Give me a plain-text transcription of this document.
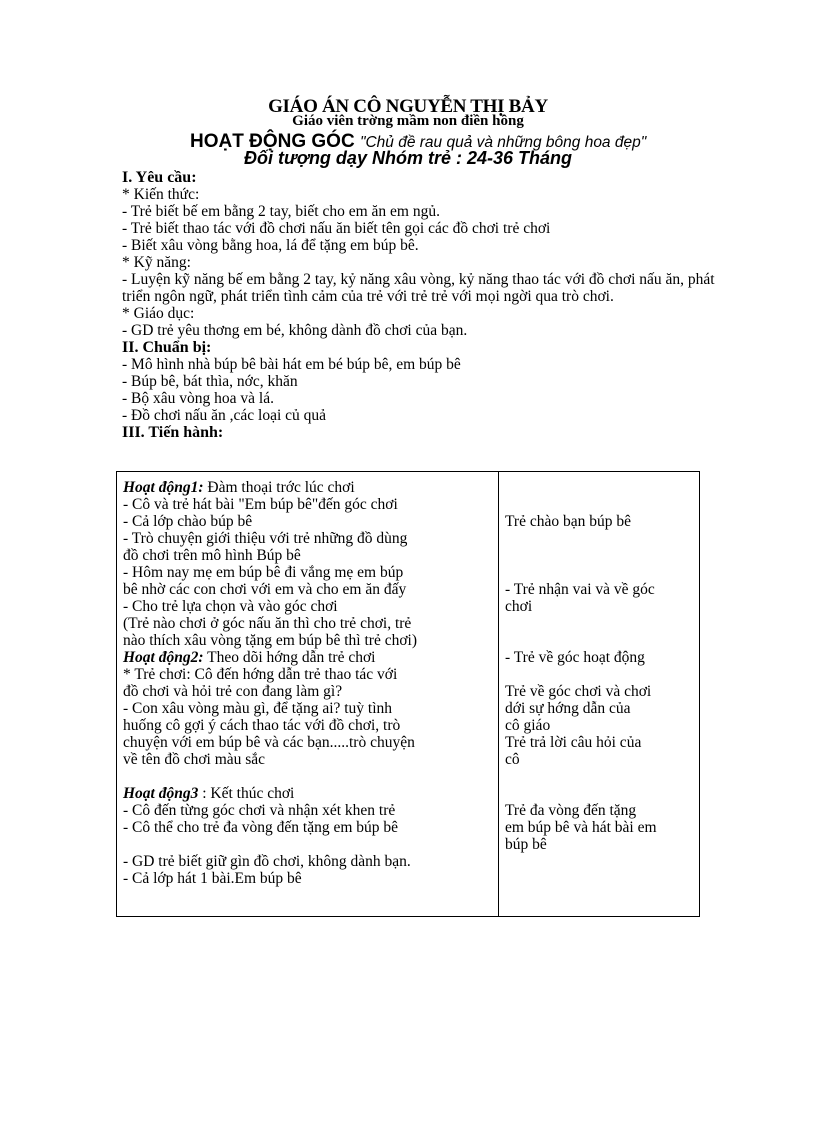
GIÁO ÁN CÔ NGUYỄN THỊ BẢY
Giáo viên trờng mầm non điền hồng
HOẠT ĐỘNG GÓC "Chủ đề rau quả và những bông hoa đẹp"
Đối tượng dạy Nhóm trẻ : 24-36 Tháng
I. Yêu cầu:
* Kiến thức:
- Trẻ biết bế em bằng 2 tay, biết cho em ăn em ngủ.
- Trẻ biết thao tác với đồ chơi nấu ăn biết tên gọi các đồ chơi trẻ chơi
- Biết xâu vòng bằng hoa, lá để tặng em búp bê.
* Kỹ năng:
- Luyện kỹ năng bế em bằng 2 tay, kỷ năng xâu vòng, kỷ năng thao tác với đồ chơi nấu ăn, phát triển ngôn ngữ, phát triển tình cảm của trẻ với trẻ trẻ với mọi ngời qua trò chơi.
* Giáo dục:
- GD trẻ yêu thơng em bé, không dành đồ chơi của bạn.
II. Chuẩn bị:
- Mô hình nhà búp bê bài hát em bé búp bê, em búp bê
- Búp bê, bát thìa, nớc, khăn
- Bộ xâu vòng hoa và lá.
- Đồ chơi nấu ăn ,các loại củ quả
III. Tiến hành:
Hoạt động1: Đàm thoại trớc lúc chơi
- Cô và trẻ hát bài "Em búp bê"đến góc chơi
- Cả lớp chào búp bê
- Trò chuyện giới thiệu với trẻ những đồ dùng
đồ chơi trên mô hình Búp bê
- Hôm nay mẹ em búp bê đi vắng mẹ em búp
bê nhờ các con chơi với em và cho em ăn đấy
- Cho trẻ lựa chọn và vào góc chơi
(Trẻ nào chơi ở góc nấu ăn thì cho trẻ chơi, trẻ
nào thích xâu vòng tặng em búp bê thì trẻ chơi)
Hoạt động2: Theo dõi hớng dẫn trẻ chơi
* Trẻ chơi: Cô đến hớng dẫn trẻ thao tác với
đồ chơi và hỏi trẻ con đang làm gì?
- Con xâu vòng màu gì, để tặng ai? tuỳ tình
huống cô gợi ý cách thao tác với đồ chơi, trò
chuyện với em búp bê và các bạn.....trò chuyện
về tên đồ chơi màu sắc
Hoạt động3 : Kết thúc chơi
- Cô đến từng góc chơi và nhận xét khen trẻ
- Cô thể cho trẻ đa vòng đến tặng em búp bê
- GD trẻ biết giữ gìn đồ chơi, không dành bạn.
- Cả lớp hát 1 bài.Em búp bê
Trẻ chào bạn búp bê
- Trẻ nhận vai và về góc
chơi
- Trẻ về góc hoạt động
Trẻ về góc chơi và chơi
dới sự hớng dẫn của
cô giáo
Trẻ trả lời câu hỏi của
cô
Trẻ đa vòng đến tặng
em búp bê và hát bài em
búp bê
